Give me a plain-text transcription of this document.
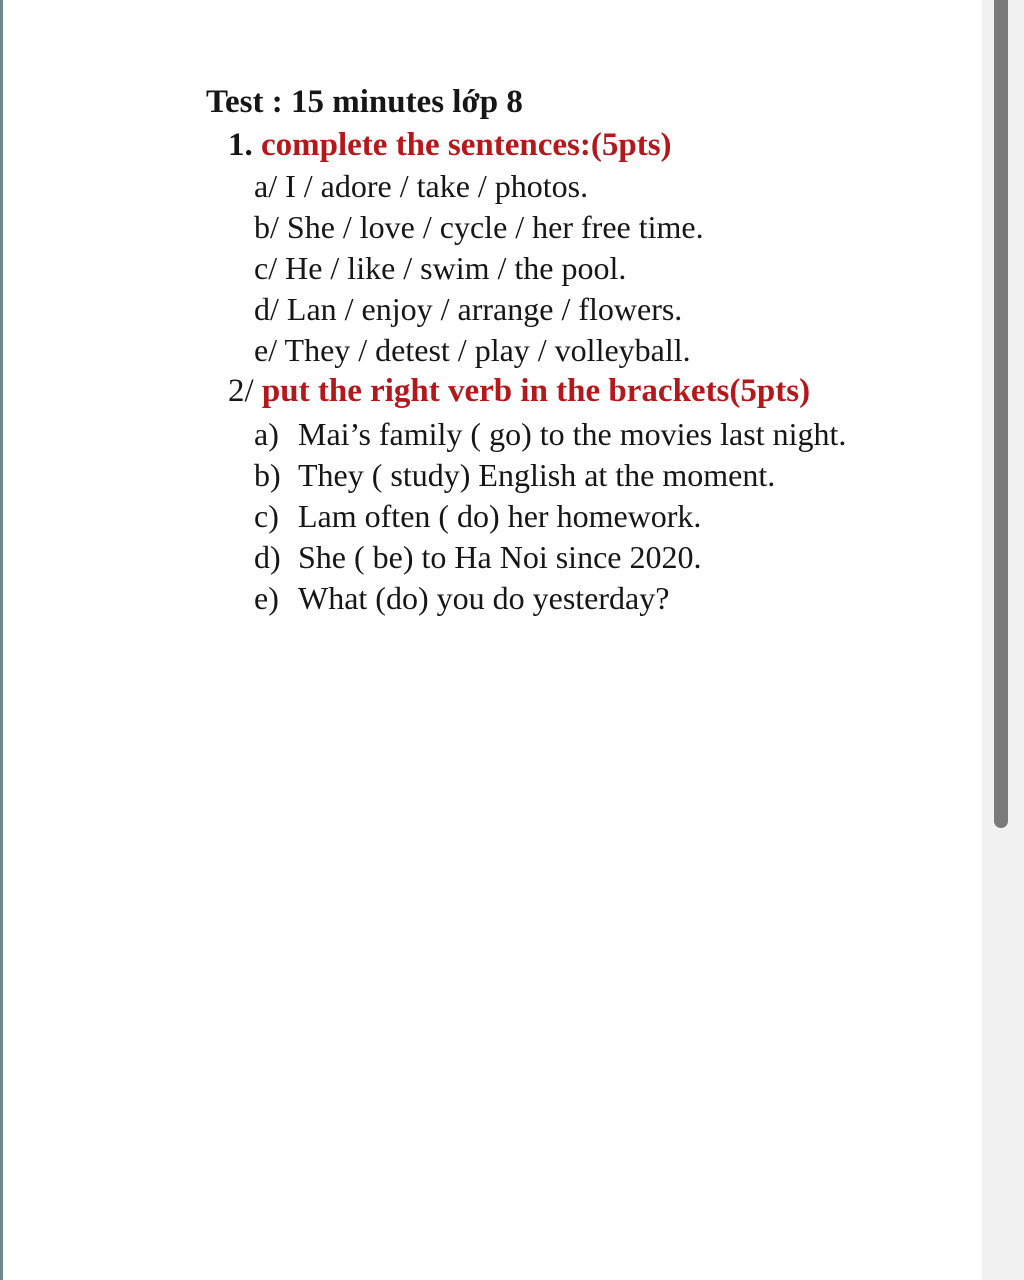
Test : 15 minutes lớp 8
1. complete the sentences:(5pts)
a/ I / adore / take / photos.
b/ She / love / cycle / her free time.
c/ He / like / swim / the pool.
d/ Lan / enjoy / arrange / flowers.
e/ They / detest / play / volleyball.
2/ put the right verb in the brackets(5pts)
a) Mai’s family ( go) to the movies last night.
b) They ( study) English at the moment.
c) Lam often ( do) her homework.
d) She ( be) to Ha Noi since 2020.
e) What (do) you do yesterday?
